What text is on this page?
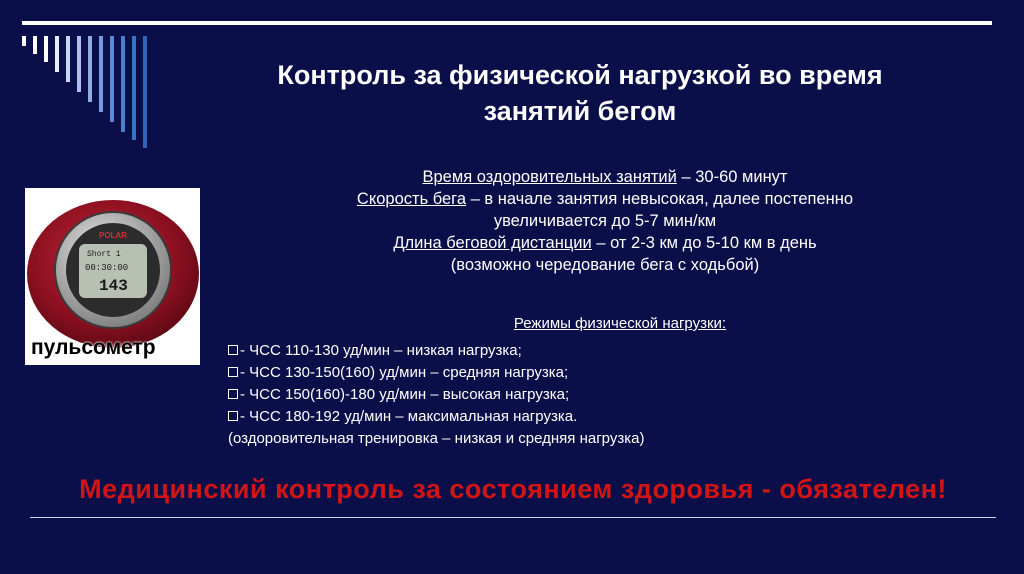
Контроль за физической нагрузкой во время
занятий бегом
POLAR
Short 1
00:30:00
143
пульсометр

Время оздоровительных занятий – 30-60 минут

Скорость бега – в начале занятия невысокая, далее постепенно

увеличивается до 5-7 мин/км

Длина беговой дистанции – от 2-3 км до 5-10 км в день

(возможно чередование бега с ходьбой)

Режимы физической нагрузки:
- ЧСС 110-130 уд/мин – низкая нагрузка;
- ЧСС 130-150(160) уд/мин – средняя нагрузка;
- ЧСС 150(160)-180 уд/мин – высокая нагрузка;
- ЧСС 180-192 уд/мин – максимальная нагрузка.
(оздоровительная тренировка – низкая и средняя нагрузка)
Медицинский контроль за состоянием здоровья - обязателен!
